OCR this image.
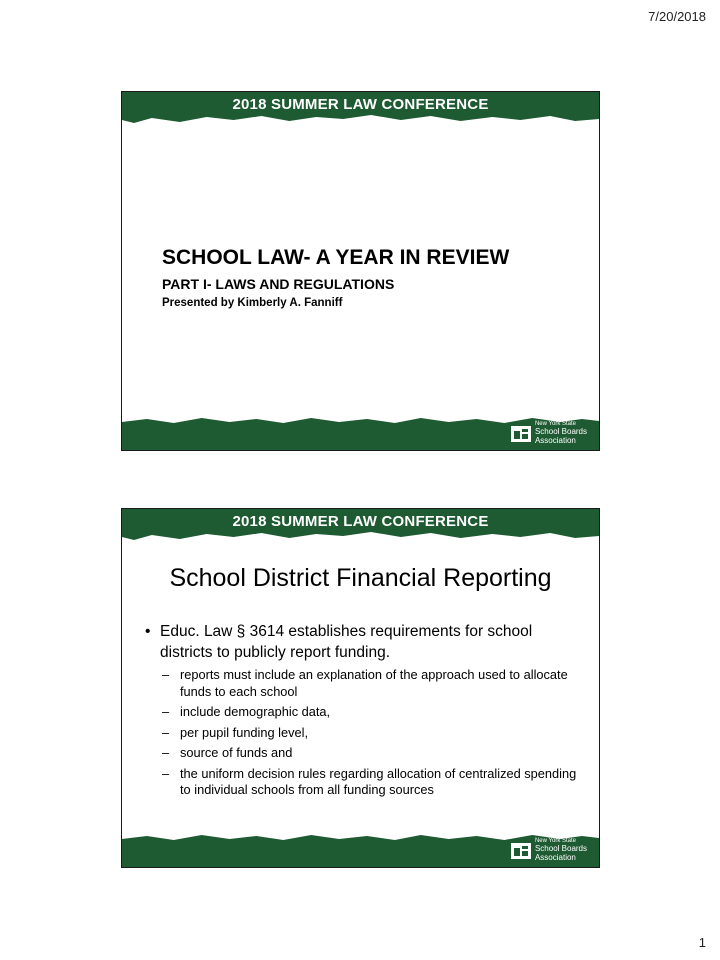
7/20/2018
2018 SUMMER LAW CONFERENCE
SCHOOL LAW- A YEAR IN REVIEW
PART I- LAWS AND REGULATIONS
Presented by Kimberly A. Fanniff
New York State
School Boards
Association
2018 SUMMER LAW CONFERENCE
School District Financial Reporting
• Educ. Law § 3614 establishes requirements for school districts to publicly report funding.
– reports must include an explanation of the approach used to allocate funds to each school
– include demographic data,
– per pupil funding level,
– source of funds and
– the uniform decision rules regarding allocation of centralized spending to individual schools from all funding sources
New York State
School Boards
Association
1
